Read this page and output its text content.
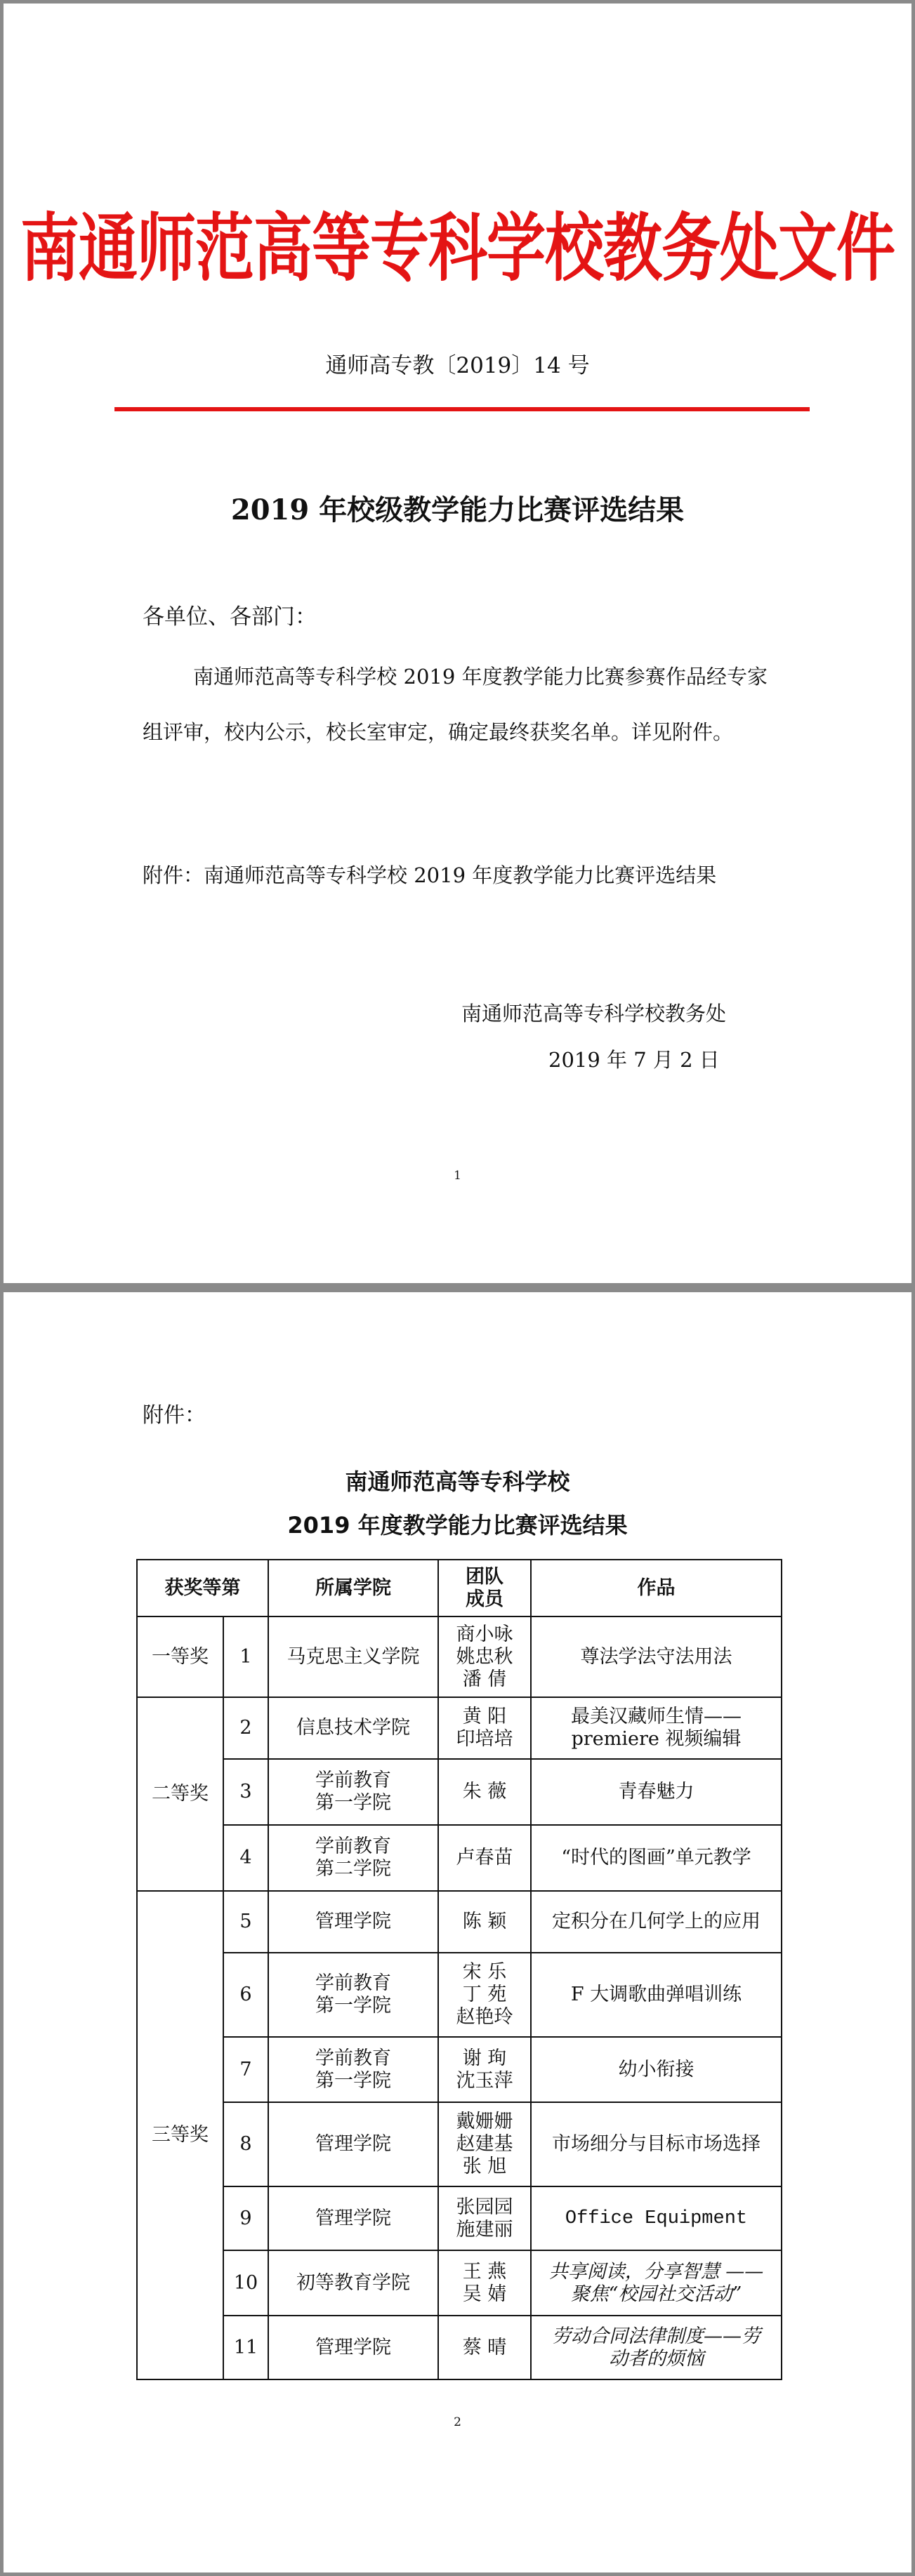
南通师范高等专科学校教务处文件
通师高专教〔2019〕14 号
2019 年校级教学能力比赛评选结果
各单位、各部门：
南通师范高等专科学校 2019 年度教学能力比赛参赛作品经专家组评审，校内公示，校长室审定，确定最终获奖名单。详见附件。
附件：南通师范高等专科学校 2019 年度教学能力比赛评选结果
南通师范高等专科学校教务处
2019 年 7 月 2 日
1
附件：
南通师范高等专科学校
2019 年度教学能力比赛评选结果
获奖等第		所属学院	团队
成员	作品
一等奖	1	马克思主义学院	商小咏
姚忠秋
潘 倩	尊法学法守法用法
二等奖	2	信息技术学院	黄 阳
印培培	最美汉藏师生情——
premiere 视频编辑
	3	学前教育
第一学院	朱 薇	青春魅力
	4	学前教育
第二学院	卢春苗	“时代的图画”单元教学
三等奖	5	管理学院	陈 颖	定积分在几何学上的应用
	6	学前教育
第一学院	宋 乐
丁 苑
赵艳玲	F 大调歌曲弹唱训练
	7	学前教育
第一学院	谢 珣
沈玉萍	幼小衔接
	8	管理学院	戴姗姗
赵建基
张 旭	市场细分与目标市场选择
	9	管理学院	张园园
施建丽	Office Equipment
	10	初等教育学院	王 燕
吴 婧	共享阅读，分享智慧 ——
聚焦“校园社交活动”
	11	管理学院	蔡 晴	劳动合同法律制度——劳
动者的烦恼
2
